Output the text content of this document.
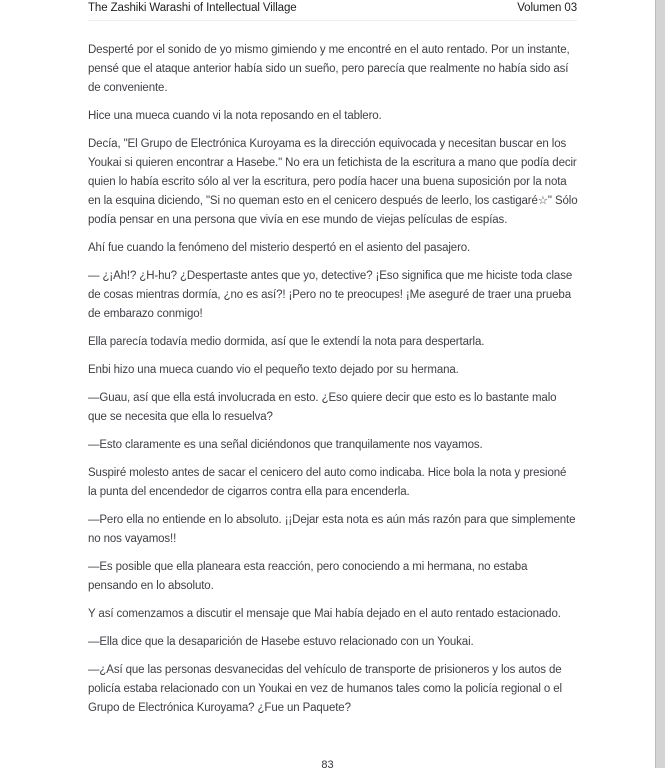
The Zashiki Warashi of Intellectual Village	Volumen 03

Desperté por el sonido de yo mismo gimiendo y me encontré en el auto rentado. Por un instante, pensé que el ataque anterior había sido un sueño, pero parecía que realmente no había sido así de conveniente.

Hice una mueca cuando vi la nota reposando en el tablero.

Decía, "El Grupo de Electrónica Kuroyama es la dirección equivocada y necesitan buscar en los Youkai si quieren encontrar a Hasebe." No era un fetichista de la escritura a mano que podía decir quien lo había escrito sólo al ver la escritura, pero podía hacer una buena suposición por la nota en la esquina diciendo, "Si no queman esto en el cenicero después de leerlo, los castigaré☆" Sólo podía pensar en una persona que vivía en ese mundo de viejas películas de espías.

Ahí fue cuando la fenómeno del misterio despertó en el asiento del pasajero.

— ¿¡Ah!? ¿H-hu? ¿Despertaste antes que yo, detective? ¡Eso significa que me hiciste toda clase de cosas mientras dormía, ¿no es así?! ¡Pero no te preocupes! ¡Me aseguré de traer una prueba de embarazo conmigo!

Ella parecía todavía medio dormida, así que le extendí la nota para despertarla.

Enbi hizo una mueca cuando vio el pequeño texto dejado por su hermana.

—Guau, así que ella está involucrada en esto. ¿Eso quiere decir que esto es lo bastante malo que se necesita que ella lo resuelva?

—Esto claramente es una señal diciéndonos que tranquilamente nos vayamos.

Suspiré molesto antes de sacar el cenicero del auto como indicaba. Hice bola la nota y presioné la punta del encendedor de cigarros contra ella para encenderla.

—Pero ella no entiende en lo absoluto. ¡¡Dejar esta nota es aún más razón para que simplemente no nos vayamos!!

—Es posible que ella planeara esta reacción, pero conociendo a mi hermana, no estaba pensando en lo absoluto.

Y así comenzamos a discutir el mensaje que Mai había dejado en el auto rentado estacionado.

—Ella dice que la desaparición de Hasebe estuvo relacionado con un Youkai.

—¿Así que las personas desvanecidas del vehículo de transporte de prisioneros y los autos de policía estaba relacionado con un Youkai en vez de humanos tales como la policía regional o el Grupo de Electrónica Kuroyama? ¿Fue un Paquete?

83
